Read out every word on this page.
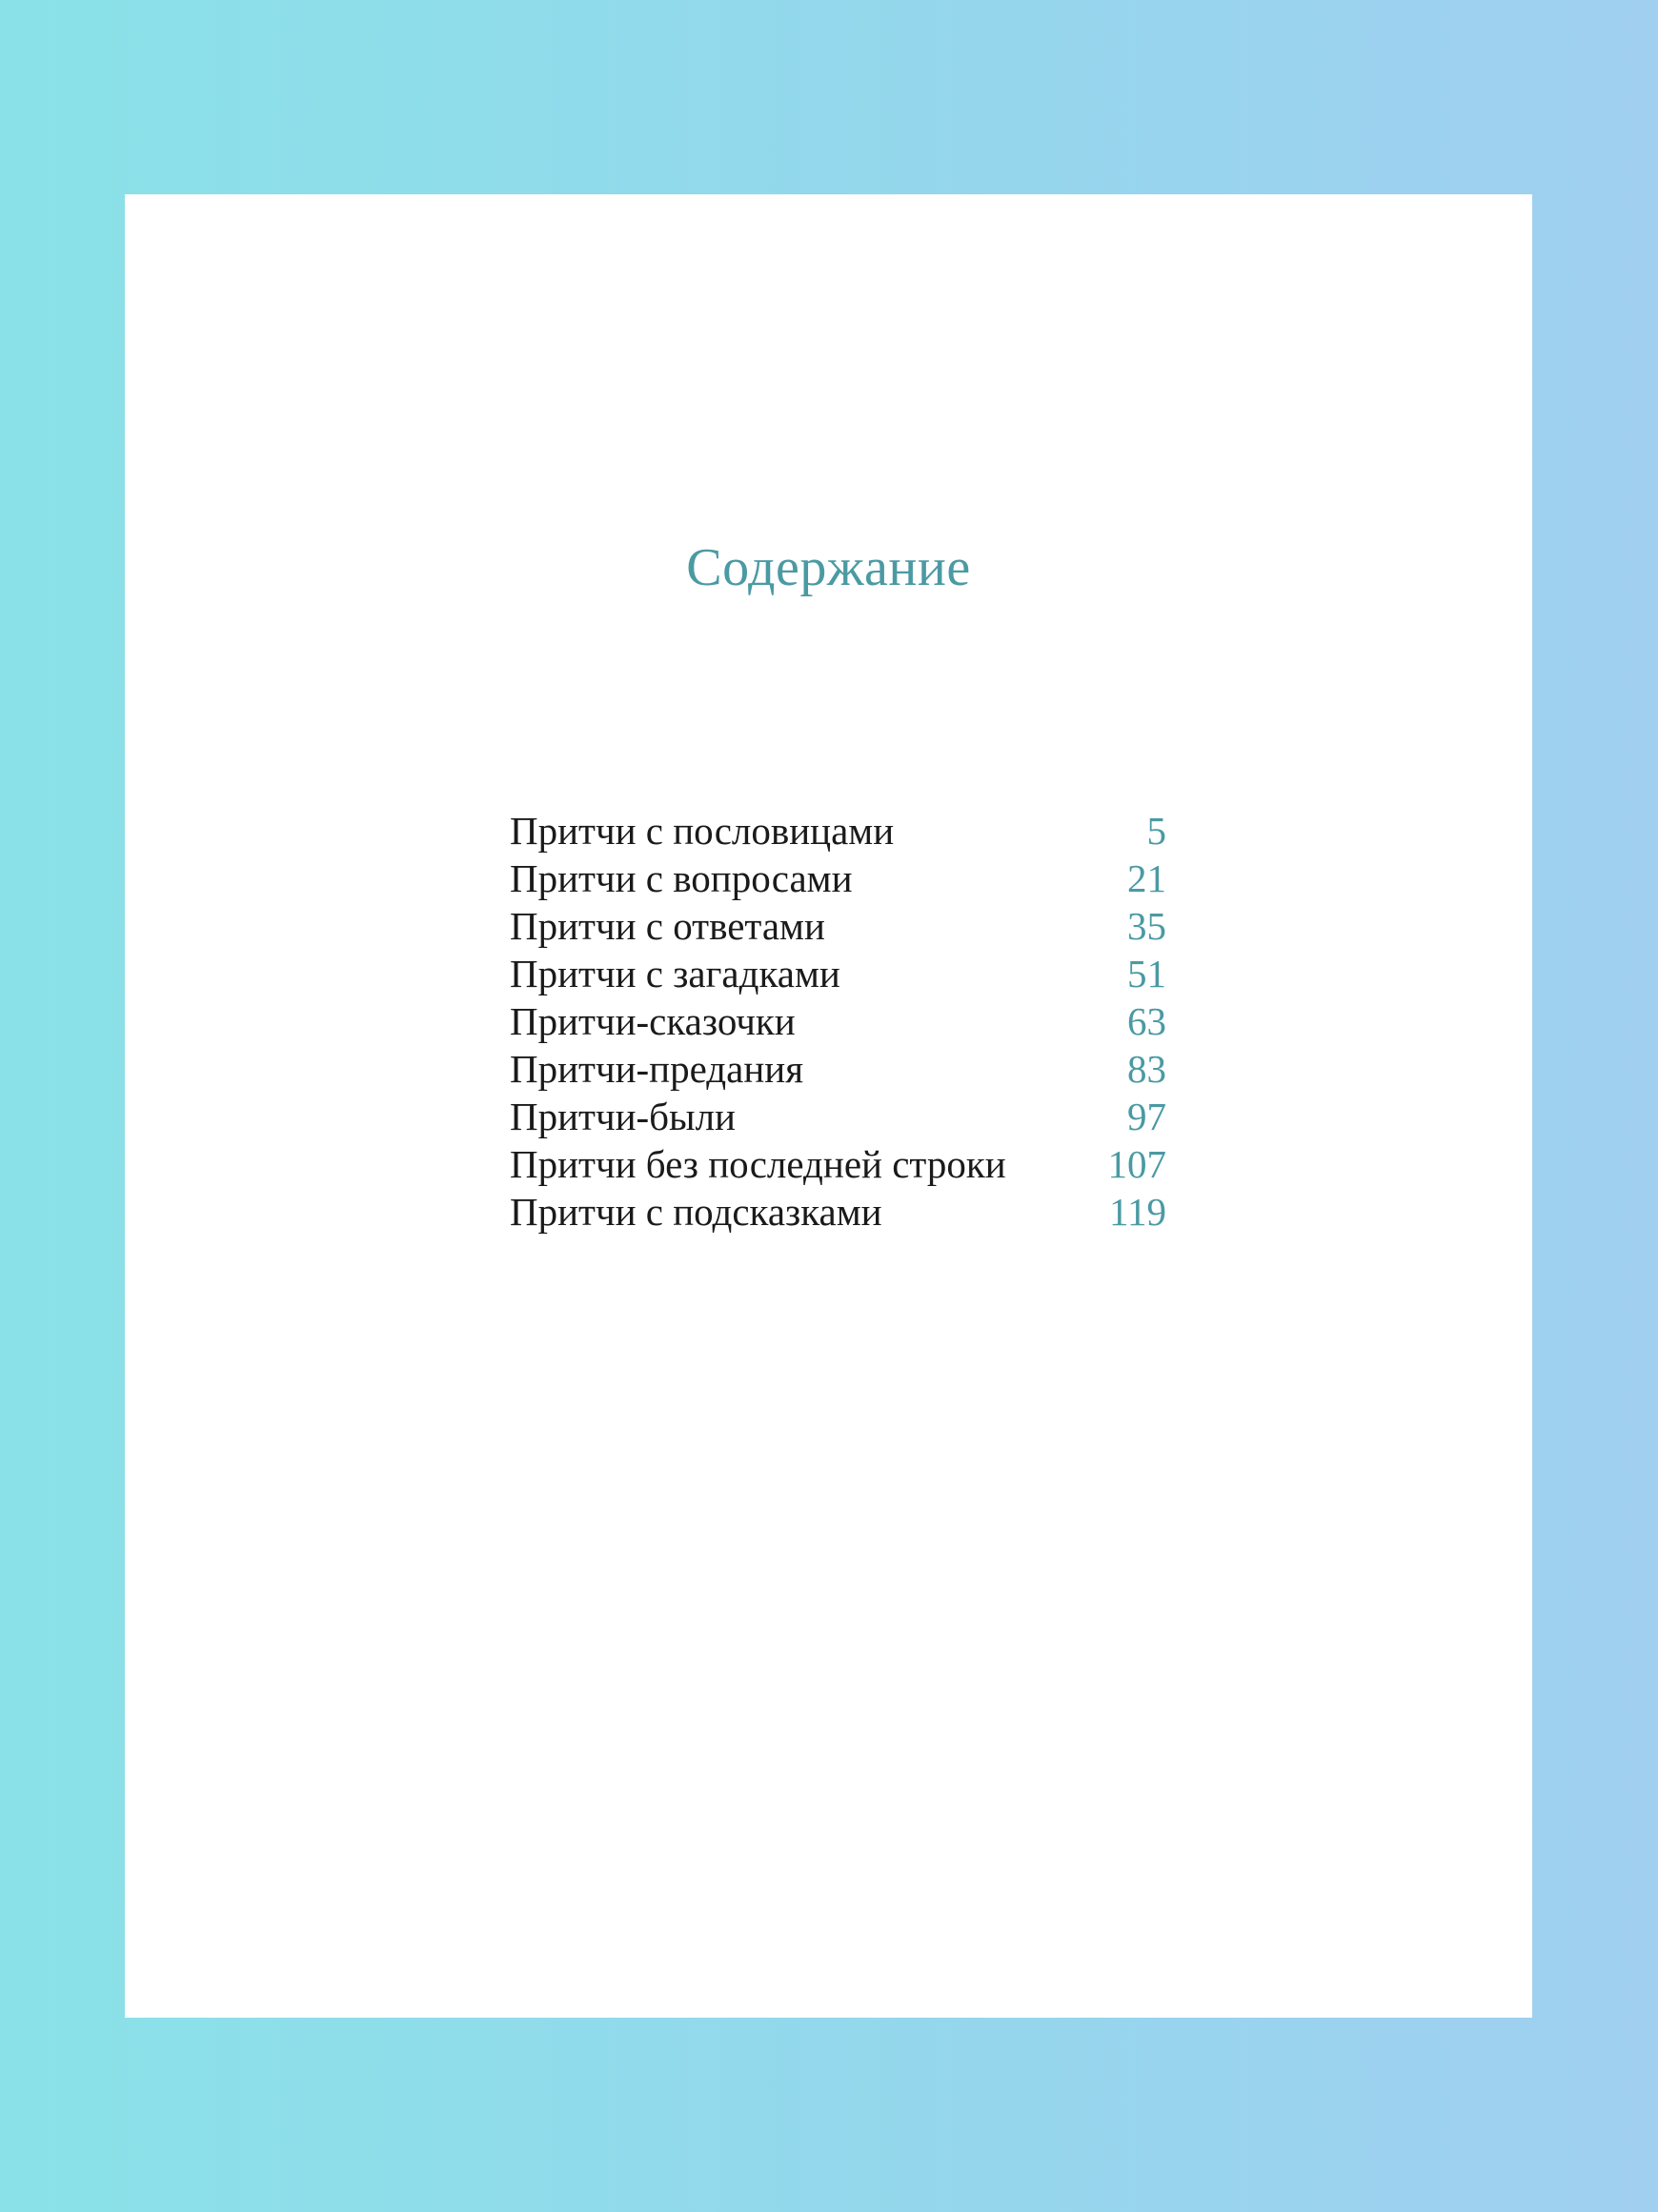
Содержание
Притчи с пословицами	5
Притчи с вопросами	21
Притчи с ответами	35
Притчи с загадками	51
Притчи-сказочки	63
Притчи-предания	83
Притчи-были	97
Притчи без последней строки	107
Притчи с подсказками	119
